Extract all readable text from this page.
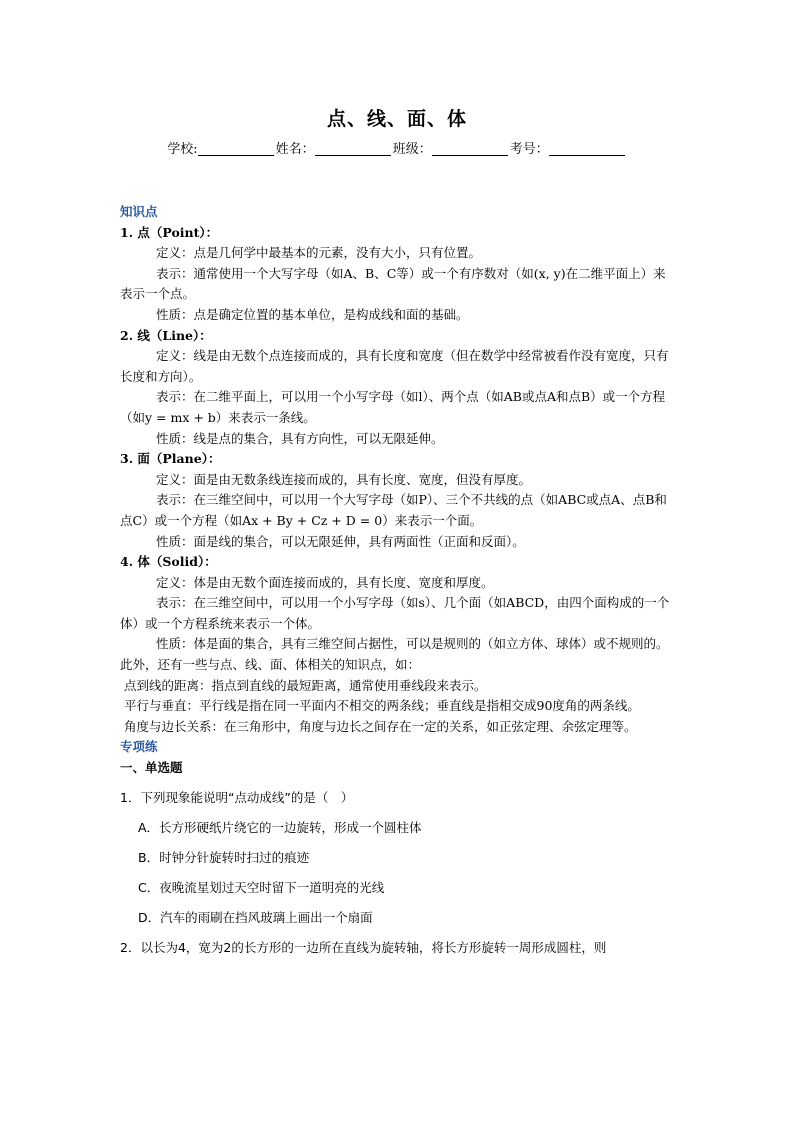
点、线、面、体
学校:	姓名：	班级：	考号：

知识点

1. 点（Point）：

定义：点是几何学中最基本的元素，没有大小，只有位置。

表示：通常使用一个大写字母（如A、B、C等）或一个有序数对（如(x, y)在二维平面上）来表示一个点。

性质：点是确定位置的基本单位，是构成线和面的基础。

2. 线（Line）：

定义：线是由无数个点连接而成的，具有长度和宽度（但在数学中经常被看作没有宽度，只有长度和方向）。

表示：在二维平面上，可以用一个小写字母（如l）、两个点（如AB或点A和点B）或一个方程（如y = mx + b）来表示一条线。

性质：线是点的集合，具有方向性，可以无限延伸。

3. 面（Plane）：

定义：面是由无数条线连接而成的，具有长度、宽度，但没有厚度。

表示：在三维空间中，可以用一个大写字母（如P）、三个不共线的点（如ABC或点A、点B和点C）或一个方程（如Ax + By + Cz + D = 0）来表示一个面。

性质：面是线的集合，可以无限延伸，具有两面性（正面和反面）。

4. 体（Solid）：

定义：体是由无数个面连接而成的，具有长度、宽度和厚度。

表示：在三维空间中，可以用一个小写字母（如s）、几个面（如ABCD，由四个面构成的一个体）或一个方程系统来表示一个体。

性质：体是面的集合，具有三维空间占据性，可以是规则的（如立方体、球体）或不规则的。

此外，还有一些与点、线、面、体相关的知识点，如：

点到线的距离：指点到直线的最短距离，通常使用垂线段来表示。

平行与垂直：平行线是指在同一平面内不相交的两条线；垂直线是指相交成90度角的两条线。

角度与边长关系：在三角形中，角度与边长之间存在一定的关系，如正弦定理、余弦定理等。

专项练

一、单选题

1．下列现象能说明“点动成线”的是（　）

A．长方形硬纸片绕它的一边旋转，形成一个圆柱体

B．时钟分针旋转时扫过的痕迹

C．夜晚流星划过天空时留下一道明亮的光线

D．汽车的雨刷在挡风玻璃上画出一个扇面

2．以长为4，宽为2的长方形的一边所在直线为旋转轴，将长方形旋转一周形成圆柱，则
